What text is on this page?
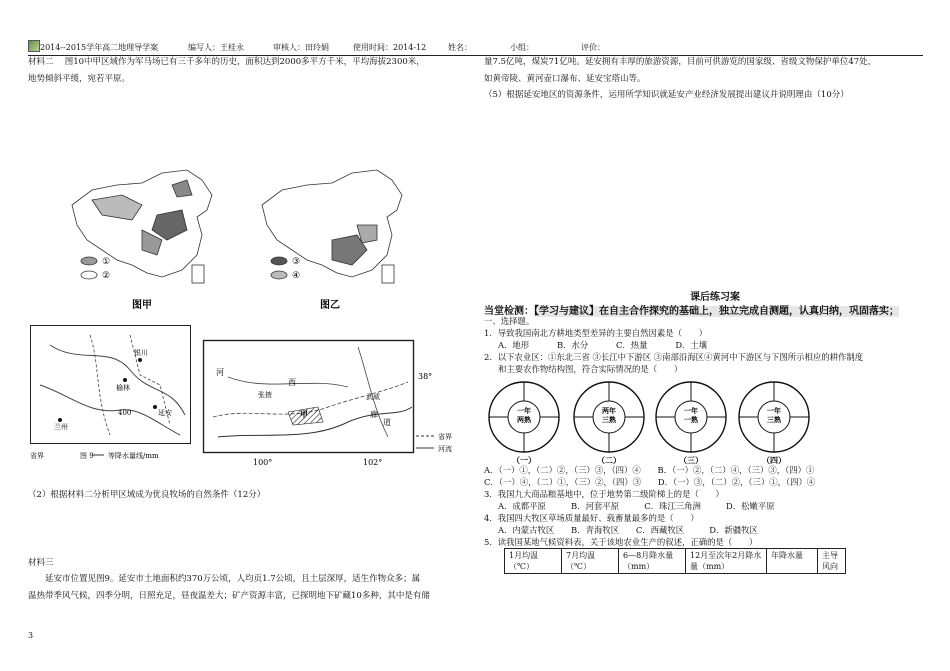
2014--2015学年高二地理导学案	编写人：王桂永	审核人：田玲娟	使用时间：2014-12	姓名：	小组：	评价：
材料二　 图10中甲区域作为军马场已有三千多年的历史，面积达到2000多平方千米，平均海拔2300米，
地势倾斜平缓，宛若平原。
①
②
图甲
③
④
图乙
榆林
延安
银川
兰州
400
省界	图 9 等降水量线/mm
38°
100°	102°
河
西
张掖
甲
武威
廊
道
省界
河流
（2）根据材料二分析甲区域成为优良牧场的自然条件（12分）
材料三
延安市位置见图9。延安市土地面积约370万公顷，人均页1.7公顷，且土层深厚，适生作物众多；属
温热带季风气候，四季分明，日照充足，昼夜温差大；矿产资源丰富，已探明地下矿藏10多种，其中是有储
3
量7.5亿吨，煤炭71亿吨。延安拥有丰厚的旅游资源，目前可供游览的国家级、省级文物保护单位47处，
如黄帝陵、黄河壶口瀑布、延安宝塔山等。
（5）根据延安地区的资源条件，运用所学知识就延安产业经济发展提出建议并说明理由（10分）
课后练习案
当堂检测：【学习与建议】在自主合作探究的基础上，独立完成自测题，认真归纳，巩固落实；
一、选择题。
1．导致我国南北方耕地类型差异的主要自然因素是（　　）
A．地形　　　 B．水分　　　 C．热量　　　 D．土壤
2．以下农业区：①东北三省 ③长江中下游区 ③南部沿海区④黄河中下游区与下图所示相应的耕作制度
和主要农作物结构图，符合实际情况的是（　　）
一年两熟
（一）
两年三熟
（二）
一年一熟
（三）
一年三熟
（四）
A．（一）①，（二）②，（三）③，（四）④　　B．（一）②，（二）④，（三）③，（四）①
C．（一）④，（二）①，（三）②，（四）③　　D．（一）③，（二）②，（三）①，（四）④
3．我国九大商品粮基地中，位于地势第二级阶梯上的是（　　）
A．成都平原　　　B．河套平原　　　C．珠江三角洲　　　D．松嫩平原
4．我国四大牧区草场质量最好、载畜量最多的是（　　）
A．内蒙古牧区　　B．青海牧区　　C．西藏牧区　　　D．新疆牧区
5．读我国某地气候资料表，关于该地农业生产的叙述，正确的是（　　）
1月均温（℃）	7月均温（℃）	6—8月降水量（mm）	12月至次年2月降水量（mm）	年降水量	主导风向
